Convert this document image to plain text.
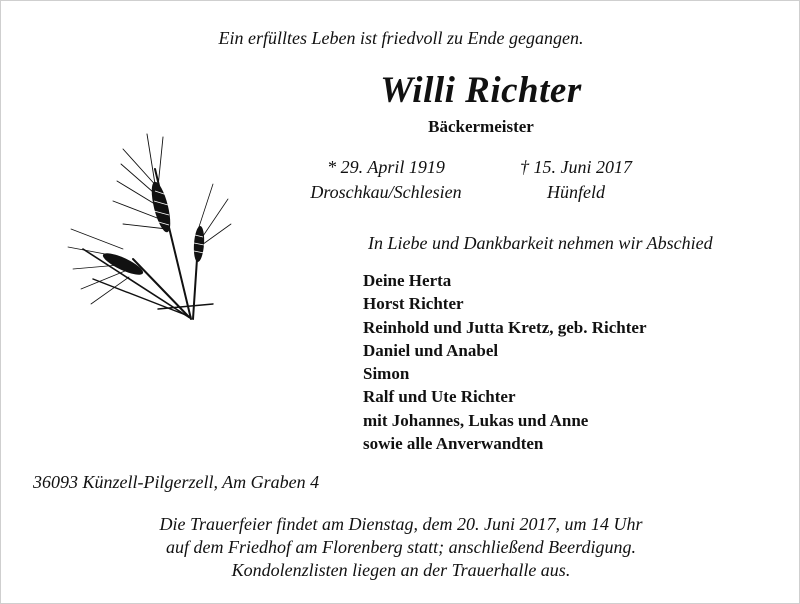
Ein erfülltes Leben ist friedvoll zu Ende gegangen.
Willi Richter
Bäckermeister
* 29. April 1919
Droschkau/Schlesien
† 15. Juni 2017
Hünfeld
In Liebe und Dankbarkeit nehmen wir Abschied
Deine Herta
Horst Richter
Reinhold und Jutta Kretz, geb. Richter
Daniel und Anabel
Simon
Ralf und Ute Richter
mit Johannes, Lukas und Anne
sowie alle Anverwandten
36093 Künzell-Pilgerzell, Am Graben 4
Die Trauerfeier findet am Dienstag, dem 20. Juni 2017, um 14 Uhr
auf dem Friedhof am Florenberg statt; anschließend Beerdigung.
Kondolenzlisten liegen an der Trauerhalle aus.
